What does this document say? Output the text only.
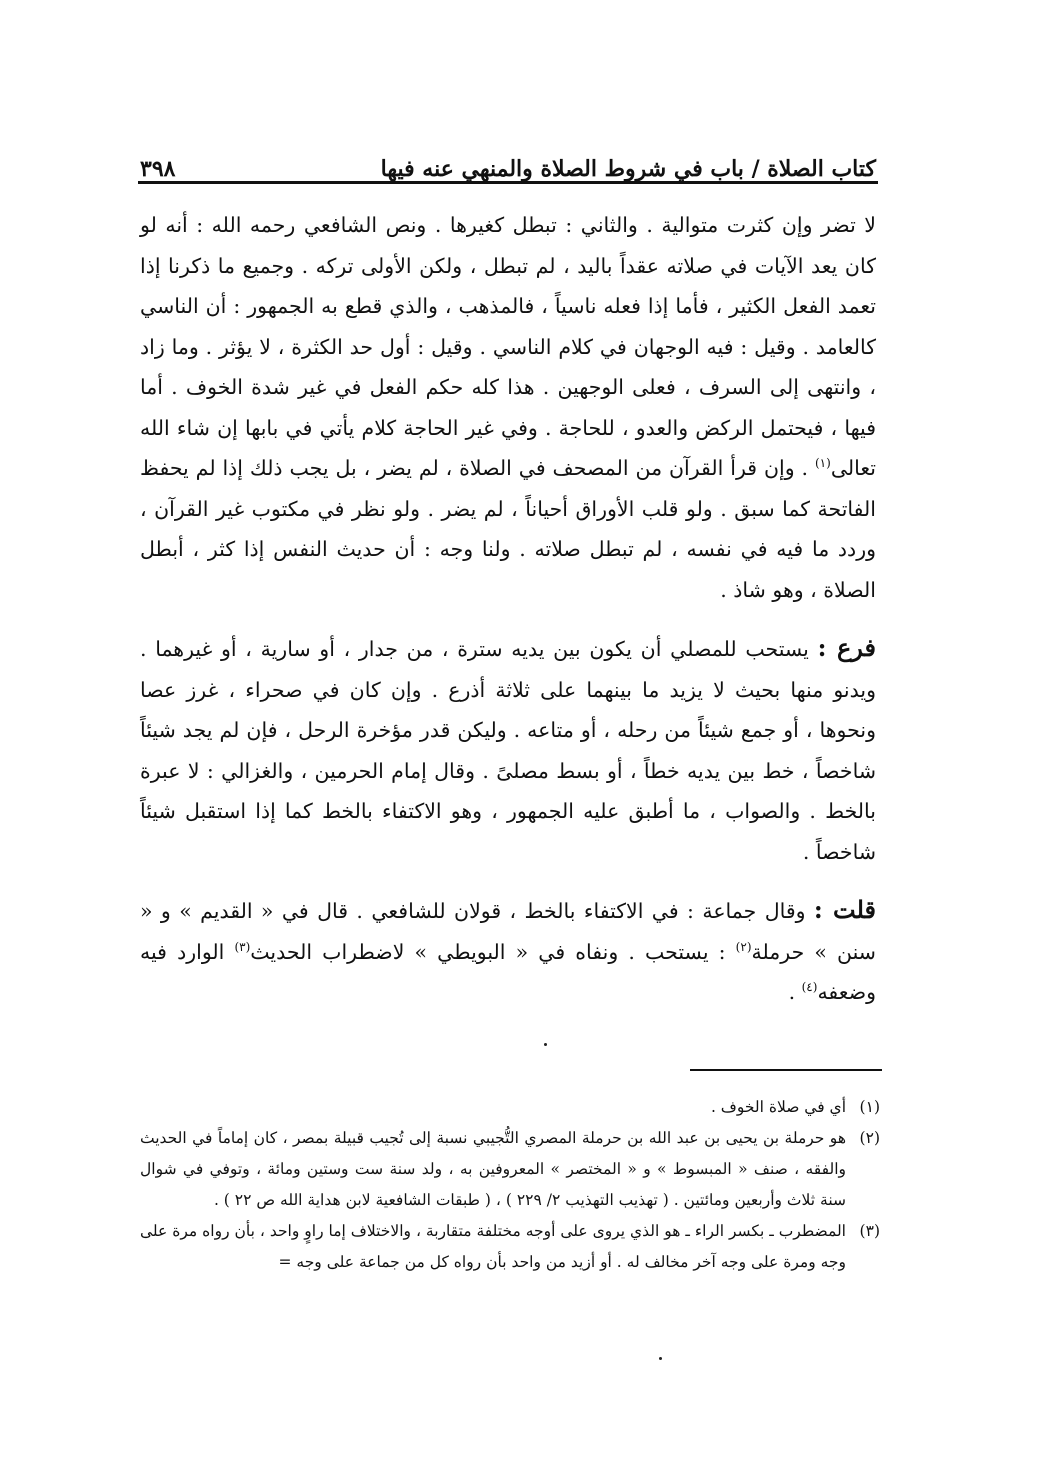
كتاب الصلاة / باب في شروط الصلاة والمنهي عنه فيها
٣٩٨

لا تضر وإن كثرت متوالية . والثاني : تبطل كغيرها . ونص الشافعي رحمه الله : أنه لو كان يعد الآيات في صلاته عقداً باليد ، لم تبطل ، ولكن الأولى تركه . وجميع ما ذكرنا إذا تعمد الفعل الكثير ، فأما إذا فعله ناسياً ، فالمذهب ، والذي قطع به الجمهور : أن الناسي كالعامد . وقيل : فيه الوجهان في كلام الناسي . وقيل : أول حد الكثرة ، لا يؤثر . وما زاد ، وانتهى إلى السرف ، فعلى الوجهين . هذا كله حكم الفعل في غير شدة الخوف . أما فيها ، فيحتمل الركض والعدو ، للحاجة . وفي غير الحاجة كلام يأتي في بابها إن شاء الله تعالى$^{(١)}$ . وإن قرأ القرآن من المصحف في الصلاة ، لم يضر ، بل يجب ذلك إذا لم يحفظ الفاتحة كما سبق . ولو قلب الأوراق أحياناً ، لم يضر . ولو نظر في مكتوب غير القرآن ، وردد ما فيه في نفسه ، لم تبطل صلاته . ولنا وجه : أن حديث النفس إذا كثر ، أبطل الصلاة ، وهو شاذ .

فرع : يستحب للمصلي أن يكون بين يديه سترة ، من جدار ، أو سارية ، أو غيرهما . ويدنو منها بحيث لا يزيد ما بينهما على ثلاثة أذرع . وإن كان في صحراء ، غرز عصا ونحوها ، أو جمع شيئاً من رحله ، أو متاعه . وليكن قدر مؤخرة الرحل ، فإن لم يجد شيئاً شاخصاً ، خط بين يديه خطاً ، أو بسط مصلىً . وقال إمام الحرمين ، والغزالي : لا عبرة بالخط . والصواب ، ما أطبق عليه الجمهور ، وهو الاكتفاء بالخط كما إذا استقبل شيئاً شاخصاً .

قلت : وقال جماعة : في الاكتفاء بالخط ، قولان للشافعي . قال في « القديم » و « سنن » حرملة$^{(٢)}$ : يستحب . ونفاه في « البويطي » لاضطراب الحديث$^{(٣)}$ الوارد فيه وضعفه$^{(٤)}$ .

(١)
أي في صلاة الخوف .

(٢)
هو حرملة بن يحيى بن عبد الله بن حرملة المصري التُّجيبي نسبة إلى تُجيب قبيلة بمصر ، كان إماماً في الحديث والفقه ، صنف « المبسوط » و « المختصر » المعروفين به ، ولد سنة ست وستين ومائة ، وتوفي في شوال سنة ثلاث وأربعين ومائتين . ( تهذيب التهذيب ٢/ ٢٢٩ ) ، ( طبقات الشافعية لابن هداية الله ص ٢٢ ) .

(٣)
المضطرب ـ بكسر الراء ـ هو الذي يروى على أوجه مختلفة متقاربة ، والاختلاف إما راوٍ واحد ، بأن رواه مرة على وجه ومرة على وجه آخر مخالف له . أو أزيد من واحد بأن رواه كل من جماعة على وجه =
